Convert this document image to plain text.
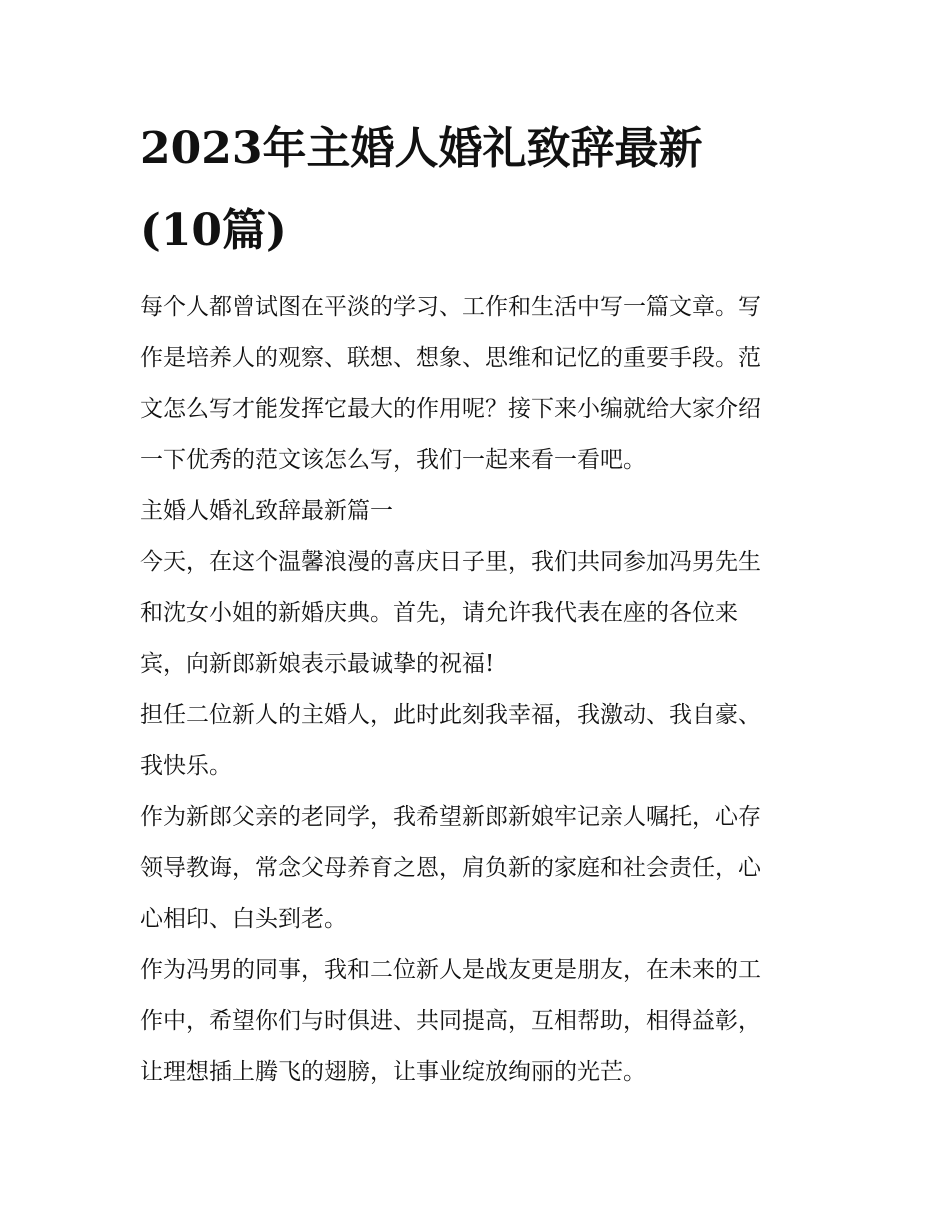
2023年主婚人婚礼致辞最新
(10篇)

每个人都曾试图在平淡的学习、工作和生活中写一篇文章。写
作是培养人的观察、联想、想象、思维和记忆的重要手段。范
文怎么写才能发挥它最大的作用呢？接下来小编就给大家介绍
一下优秀的范文该怎么写，我们一起来看一看吧。

主婚人婚礼致辞最新篇一

今天，在这个温馨浪漫的喜庆日子里，我们共同参加冯男先生
和沈女小姐的新婚庆典。首先，请允许我代表在座的各位来
宾，向新郎新娘表示最诚挚的祝福!

担任二位新人的主婚人，此时此刻我幸福，我激动、我自豪、
我快乐。

作为新郎父亲的老同学，我希望新郎新娘牢记亲人嘱托，心存
领导教诲，常念父母养育之恩，肩负新的家庭和社会责任，心
心相印、白头到老。

作为冯男的同事，我和二位新人是战友更是朋友，在未来的工
作中，希望你们与时俱进、共同提高，互相帮助，相得益彰，
让理想插上腾飞的翅膀，让事业绽放绚丽的光芒。
